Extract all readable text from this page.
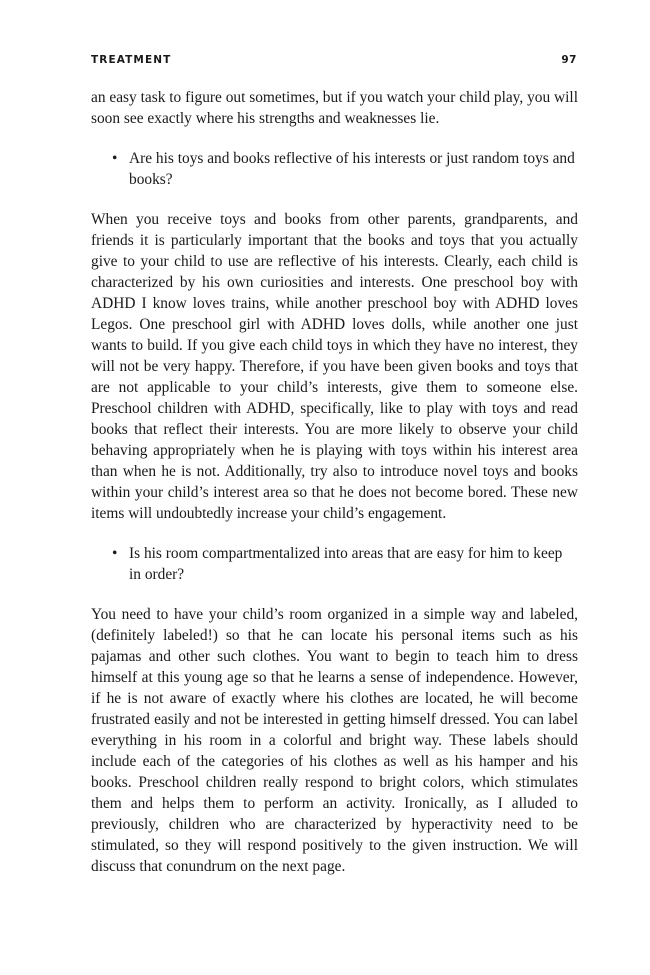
TREATMENT	97

an easy task to figure out sometimes, but if you watch your child play, you will soon see exactly where his strengths and weaknesses lie.

• Are his toys and books reflective of his interests or just random toys and books?

When you receive toys and books from other parents, grandparents, and friends it is particularly important that the books and toys that you actually give to your child to use are reflective of his interests. Clearly, each child is characterized by his own curiosities and interests. One preschool boy with ADHD I know loves trains, while another preschool boy with ADHD loves Legos. One preschool girl with ADHD loves dolls, while another one just wants to build. If you give each child toys in which they have no interest, they will not be very happy. Therefore, if you have been given books and toys that are not applicable to your child’s interests, give them to someone else. Preschool children with ADHD, specifically, like to play with toys and read books that reflect their interests. You are more likely to observe your child behaving appropriately when he is playing with toys within his interest area than when he is not. Additionally, try also to introduce novel toys and books within your child’s interest area so that he does not become bored. These new items will undoubtedly increase your child’s engagement.

• Is his room compartmentalized into areas that are easy for him to keep in order?

You need to have your child’s room organized in a simple way and labeled, (definitely labeled!) so that he can locate his personal items such as his pajamas and other such clothes. You want to begin to teach him to dress himself at this young age so that he learns a sense of independence. However, if he is not aware of exactly where his clothes are located, he will become frustrated easily and not be interested in getting himself dressed. You can label everything in his room in a colorful and bright way. These labels should include each of the categories of his clothes as well as his hamper and his books. Preschool children really respond to bright colors, which stimulates them and helps them to perform an activity. Ironically, as I alluded to previously, children who are characterized by hyperactivity need to be stimulated, so they will respond positively to the given instruction. We will discuss that conundrum on the next page.
